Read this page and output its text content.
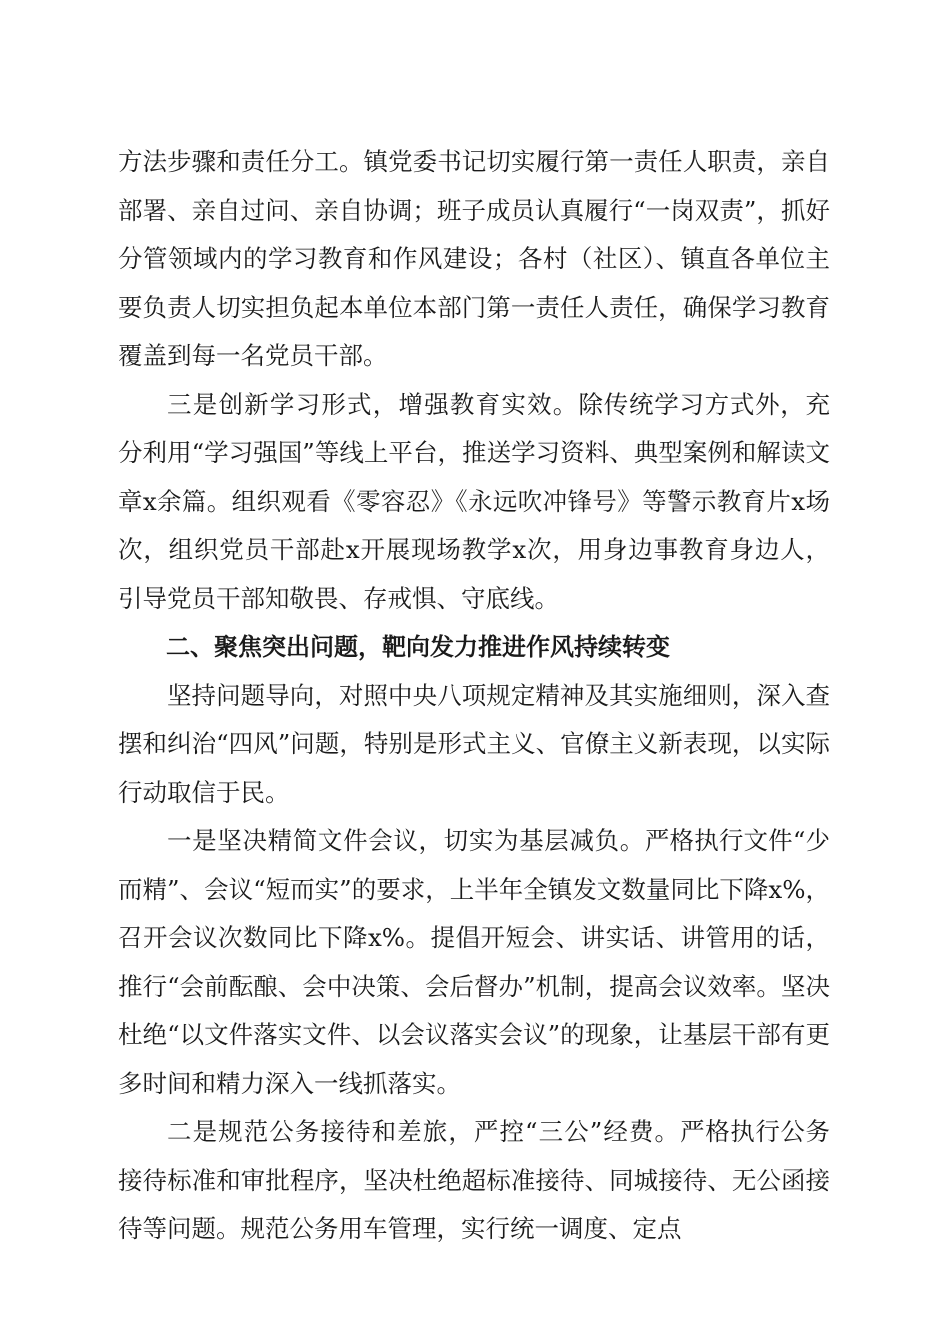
方法步骤和责任分工。镇党委书记切实履行第一责任人职责，亲自部署、亲自过问、亲自协调；班子成员认真履行“一岗双责”，抓好分管领域内的学习教育和作风建设；各村（社区）、镇直各单位主要负责人切实担负起本单位本部门第一责任人责任，确保学习教育覆盖到每一名党员干部。

三是创新学习形式，增强教育实效。除传统学习方式外，充分利用“学习强国”等线上平台，推送学习资料、典型案例和解读文章x余篇。组织观看《零容忍》《永远吹冲锋号》等警示教育片x场次，组织党员干部赴x开展现场教学x次，用身边事教育身边人，引导党员干部知敬畏、存戒惧、守底线。

二、聚焦突出问题，靶向发力推进作风持续转变

坚持问题导向，对照中央八项规定精神及其实施细则，深入查摆和纠治“四风”问题，特别是形式主义、官僚主义新表现，以实际行动取信于民。

一是坚决精简文件会议，切实为基层减负。严格执行文件“少而精”、会议“短而实”的要求，上半年全镇发文数量同比下降x%，召开会议次数同比下降x%。提倡开短会、讲实话、讲管用的话，推行“会前酝酿、会中决策、会后督办”机制，提高会议效率。坚决杜绝“以文件落实文件、以会议落实会议”的现象，让基层干部有更多时间和精力深入一线抓落实。

二是规范公务接待和差旅，严控“三公”经费。严格执行公务接待标准和审批程序，坚决杜绝超标准接待、同城接待、无公函接待等问题。规范公务用车管理，实行统一调度、定点
